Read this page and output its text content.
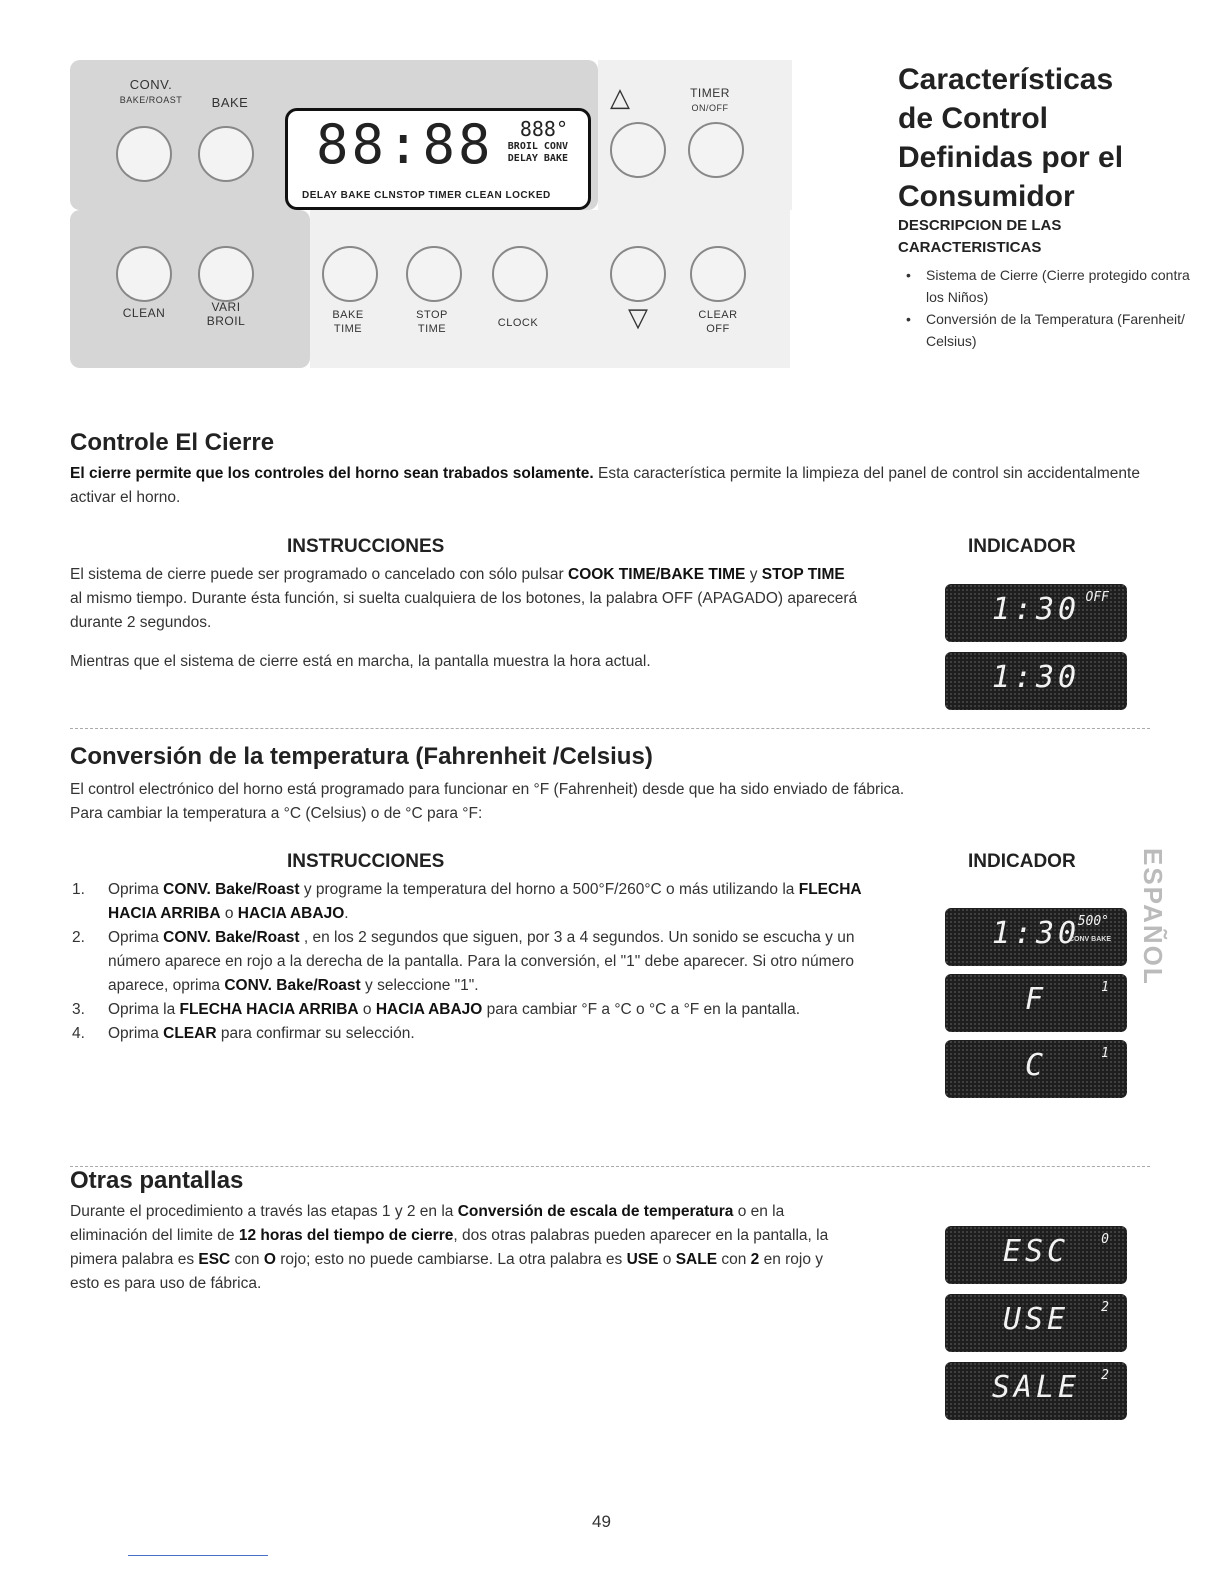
CONV.
BAKE/ROAST	BAKE
88:88	888°
BROIL CONV
DELAY BAKE
DELAY BAKE CLNSTOP TIMER CLEAN LOCKED
△	TIMER
ON/OFF
CLEAN	VARI
BROIL	BAKE
TIME
STOP
TIME	CLOCK	▽	CLEAR
OFF
Características
de Control
Definidas por el
Consumidor
DESCRIPCION DE LAS
CARACTERISTICAS
• Sistema de Cierre (Cierre protegido contra los Niños)
• Conversión de la Temperatura (Farenheit/ Celsius)
Controle El Cierre
El cierre permite que los controles del horno sean trabados solamente. Esta característica permite la limpieza del panel de control sin accidentalmente activar el horno.
INSTRUCCIONES	INDICADOR
El sistema de cierre puede ser programado o cancelado con sólo pulsar COOK TIME/BAKE TIME y STOP TIME al mismo tiempo. Durante ésta función, si suelta cualquiera de los botones, la palabra OFF (APAGADO) aparecerá durante 2 segundos.
Mientras que el sistema de cierre está en marcha, la pantalla muestra la hora actual.
1:30 OFF
1:30
Conversión de la temperatura (Fahrenheit /Celsius)
El control electrónico del horno está programado para funcionar en °F (Fahrenheit) desde que ha sido enviado de fábrica.
Para cambiar la temperatura a °C (Celsius) o de °C para °F:
INSTRUCCIONES	INDICADOR
1. Oprima CONV. Bake/Roast y programe la temperatura del horno a 500°F/260°C o más utilizando la FLECHA HACIA ARRIBA o HACIA ABAJO.
2. Oprima CONV. Bake/Roast , en los 2 segundos que siguen, por 3 a 4 segundos. Un sonido se escucha y un número aparece en rojo a la derecha de la pantalla. Para la conversión, el "1" debe aparecer. Si otro número aparece, oprima CONV. Bake/Roast y seleccione "1".
3. Oprima la FLECHA HACIA ARRIBA o HACIA ABAJO para cambiar °F a °C o °C a °F en la pantalla.
4. Oprima CLEAR para confirmar su selección.
1:30
500°
CONV BAKE
F	1
C	1
ESPAÑOL
Otras pantallas
Durante el procedimiento a través las etapas 1 y 2 en la Conversión de escala de temperatura o en la eliminación del limite de 12 horas del tiempo de cierre, dos otras palabras pueden aparecer en la pantalla, la pimera palabra es ESC con O rojo; esto no puede cambiarse. La otra palabra es USE o SALE con 2 en rojo y esto es para uso de fábrica.
ESC	0
USE	2
SALE	2
49
